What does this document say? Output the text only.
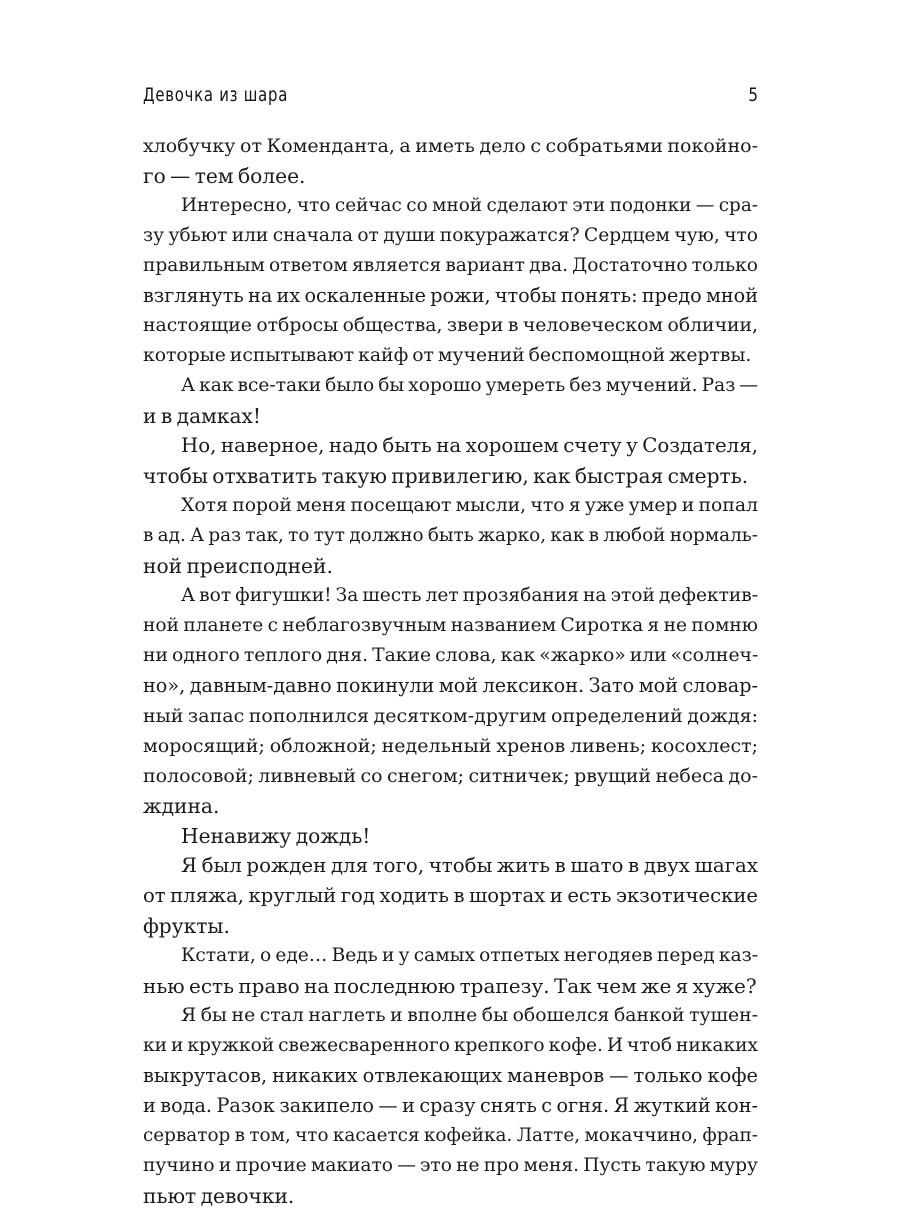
Девочка из шара	5
хлобучку от Коменданта, а иметь дело с собратьями покойно-
го — тем более.
Интересно, что сейчас со мной сделают эти подонки — сра-
зу убьют или сначала от души покуражатся? Сердцем чую, что
правильным ответом является вариант два. Достаточно только
взглянуть на их оскаленные рожи, чтобы понять: предо мной
настоящие отбросы общества, звери в человеческом обличии,
которые испытывают кайф от мучений беспомощной жертвы.
А как все-таки было бы хорошо умереть без мучений. Раз —
и в дамках!
Но, наверное, надо быть на хорошем счету у Создателя,
чтобы отхватить такую привилегию, как быстрая смерть.
Хотя порой меня посещают мысли, что я уже умер и попал
в ад. А раз так, то тут должно быть жарко, как в любой нормаль-
ной преисподней.
А вот фигушки! За шесть лет прозябания на этой дефектив-
ной планете с неблагозвучным названием Сиротка я не помню
ни одного теплого дня. Такие слова, как «жарко» или «солнеч-
но», давным-давно покинули мой лексикон. Зато мой словар-
ный запас пополнился десятком-другим определений дождя:
моросящий; обложной; недельный хренов ливень; косохлест;
полосовой; ливневый со снегом; ситничек; рвущий небеса до-
ждина.
Ненавижу дождь!
Я был рожден для того, чтобы жить в шато в двух шагах
от пляжа, круглый год ходить в шортах и есть экзотические
фрукты.
Кстати, о еде… Ведь и у самых отпетых негодяев перед каз-
нью есть право на последнюю трапезу. Так чем же я хуже?
Я бы не стал наглеть и вполне бы обошелся банкой тушен-
ки и кружкой свежесваренного крепкого кофе. И чтоб никаких
выкрутасов, никаких отвлекающих маневров — только кофе
и вода. Разок закипело — и сразу снять с огня. Я жуткий кон-
серватор в том, что касается кофейка. Латте, мокаччино, фрап-
пучино и прочие макиато — это не про меня. Пусть такую муру
пьют девочки.
